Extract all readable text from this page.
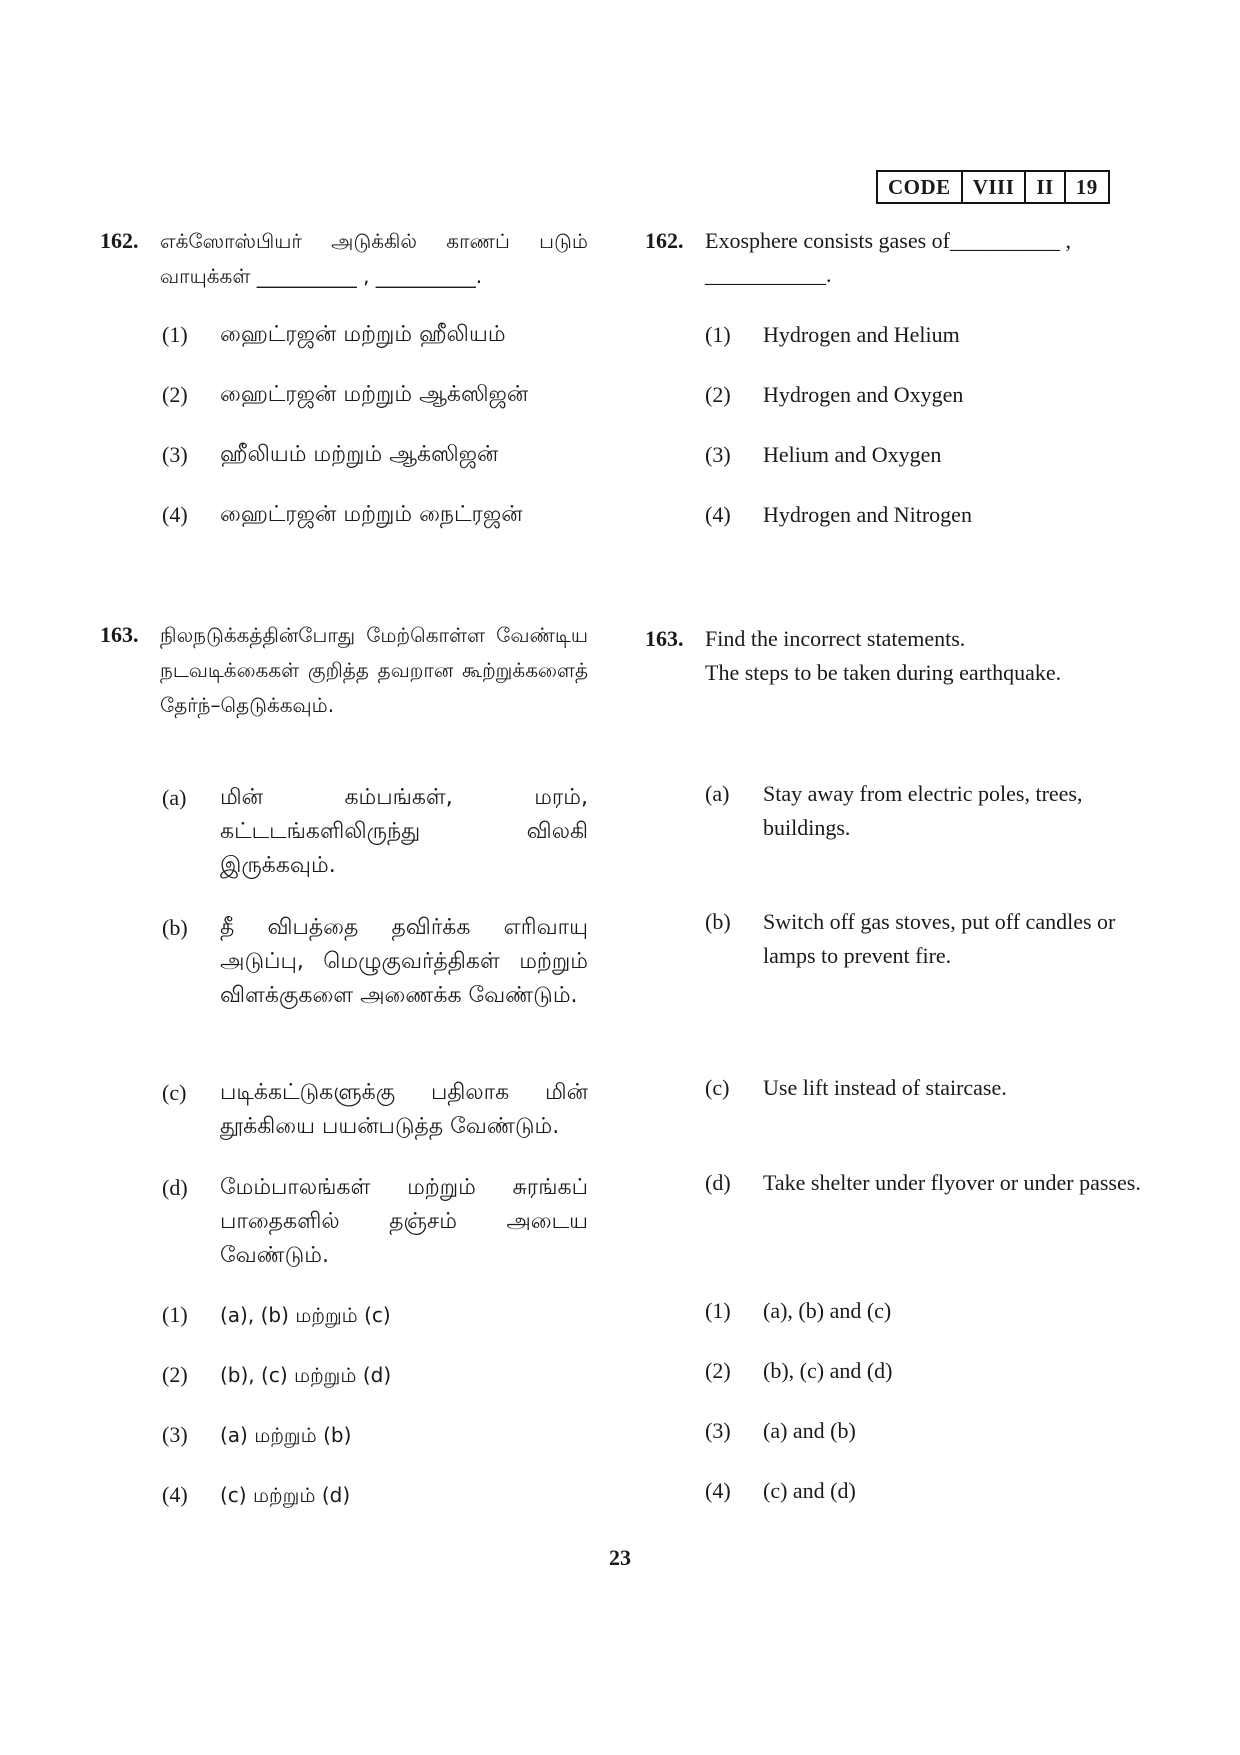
CODE	VIII	II	19
162. எக்ஸோஸ்பியர் அடுக்கில் காணப் படும் வாயுக்கள் __________ , __________.
(1) ஹைட்ரஜன் மற்றும் ஹீலியம்
(2) ஹைட்ரஜன் மற்றும் ஆக்ஸிஜன்
(3) ஹீலியம் மற்றும் ஆக்ஸிஜன்
(4) ஹைட்ரஜன் மற்றும் நைட்ரஜன்
162. Exosphere consists gases of__________ ,
___________.
(1) Hydrogen and Helium
(2) Hydrogen and Oxygen
(3) Helium and Oxygen
(4) Hydrogen and Nitrogen
163. நிலநடுக்கத்தின்போது மேற்கொள்ள வேண்டிய நடவடிக்கைகள் குறித்த தவறான கூற்றுக்களைத் தேர்ந்–தெடுக்கவும்.
(a) மின் கம்பங்கள், மரம், கட்டடங்களிலிருந்து விலகி இருக்கவும்.
(b) தீ விபத்தை தவிர்க்க எரிவாயு அடுப்பு, மெழுகுவர்த்திகள் மற்றும் விளக்குகளை அணைக்க வேண்டும்.
(c) படிக்கட்டுகளுக்கு பதிலாக மின் தூக்கியை பயன்படுத்த வேண்டும்.
(d) மேம்பாலங்கள் மற்றும் சுரங்கப் பாதைகளில் தஞ்சம் அடைய வேண்டும்.
(1) (a), (b) மற்றும் (c)
(2) (b), (c) மற்றும் (d)
(3) (a) மற்றும் (b)
(4) (c) மற்றும் (d)
163. Find the incorrect statements.
The steps to be taken during earthquake.
(a) Stay away from electric poles, trees, buildings.
(b) Switch off gas stoves, put off candles or lamps to prevent fire.
(c) Use lift instead of staircase.
(d) Take shelter under flyover or under passes.
(1) (a), (b) and (c)
(2) (b), (c) and (d)
(3) (a) and (b)
(4) (c) and (d)
23
